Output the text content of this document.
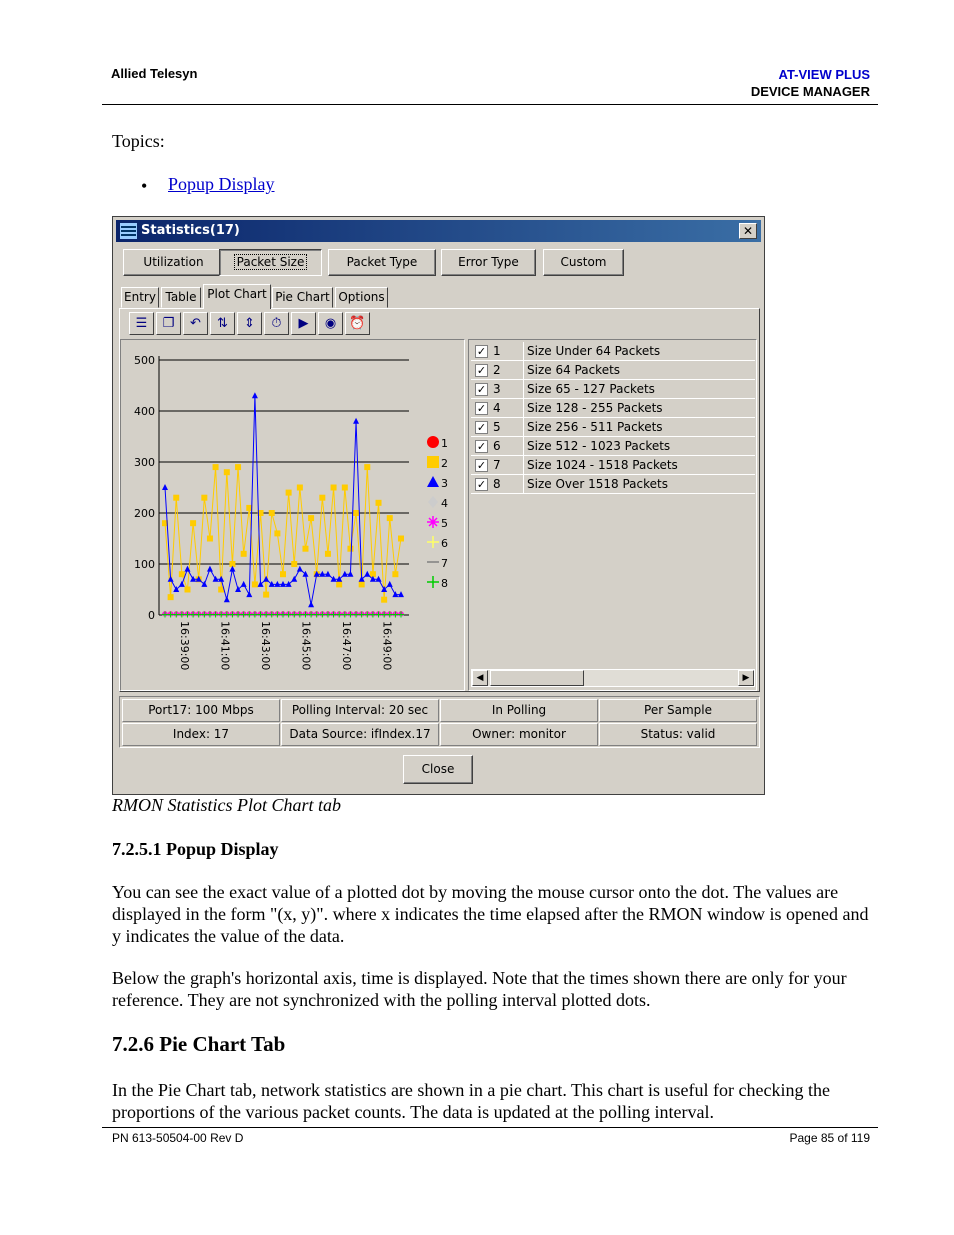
Allied Telesyn	AT-VIEW PLUS
DEVICE MANAGER
Topics:
• Popup Display
Statistics(17)	✕
Utilization	Packet Size	Packet Type	Error Type	Custom
Entry Table Plot Chart Pie Chart Options
☰	❐	↶	⇅	⇕	⏱	▶	◉	⏰
0
100
200
300
400
500
16:39:00	16:41:00	16:43:00	16:45:00	16:47:00	16:49:00
1
2
3
4
5
6
7
8
✓ 1 Size Under 64 Packets
✓ 2 Size 64 Packets
✓ 3 Size 65 - 127 Packets
✓ 4 Size 128 - 255 Packets
✓ 5 Size 256 - 511 Packets
✓ 6 Size 512 - 1023 Packets
✓ 7 Size 1024 - 1518 Packets
✓ 8 Size Over 1518 Packets
◀	▶
Port17: 100 Mbps	Polling Interval: 20 sec	In Polling	Per Sample
Index: 17	Data Source: ifIndex.17	Owner: monitor	Status: valid
Close
RMON Statistics Plot Chart tab
7.2.5.1 Popup Display
You can see the exact value of a plotted dot by moving the mouse cursor onto the dot. The values are displayed in the form "(x, y)". where x indicates the time elapsed after the RMON window is opened and y indicates the value of the data.
Below the graph's horizontal axis, time is displayed. Note that the times shown there are only for your reference. They are not synchronized with the polling interval plotted dots.
7.2.6 Pie Chart Tab
In the Pie Chart tab, network statistics are shown in a pie chart. This chart is useful for checking the proportions of the various packet counts. The data is updated at the polling interval.
PN 613-50504-00 Rev D	Page 85 of 119
